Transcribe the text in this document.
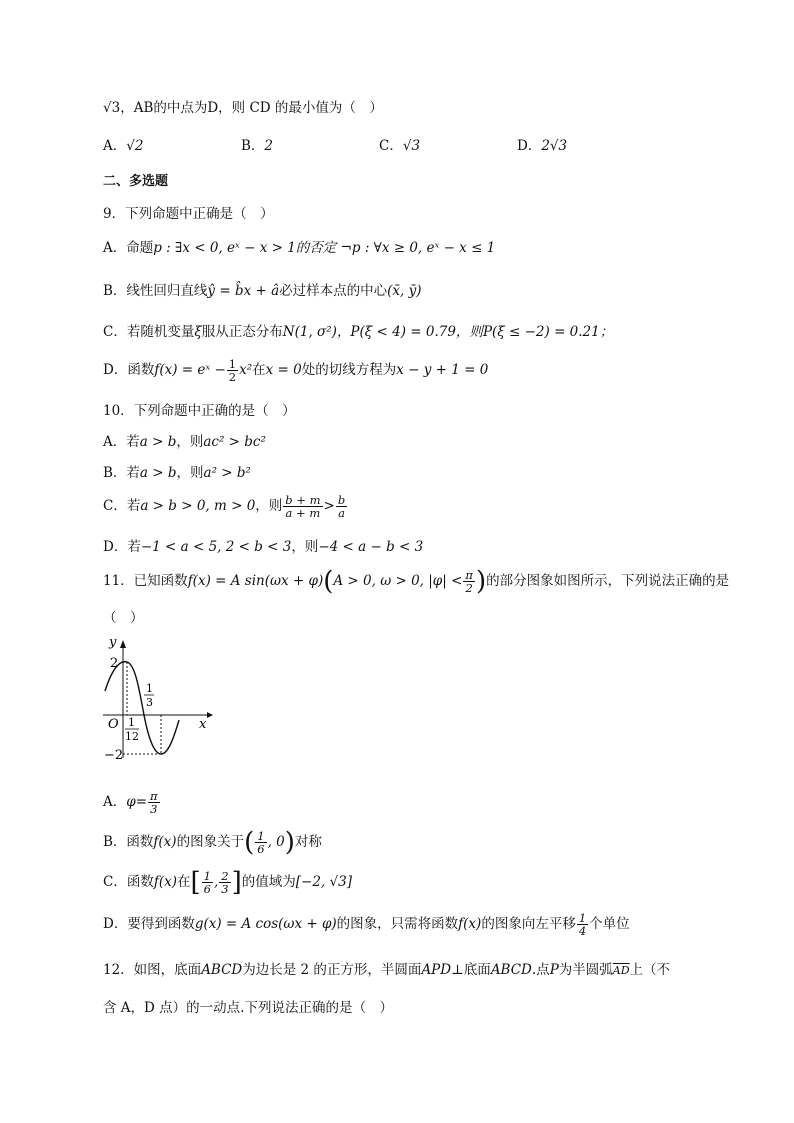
√3，AB的中点为D，则 CD 的最小值为（　）
A．√2	B．2	C．√3	D．2√3
二、多选题
9．下列命题中正确是（　）
A．命题p : ∃x < 0, eˣ − x > 1的否定 ¬p : ∀x ≥ 0, eˣ − x ≤ 1
B．线性回归直线ŷ = b̂x + â必过样本点的中心(x̄, ȳ)
C．若随机变量ξ服从正态分布N(1, σ²)，P(ξ < 4) = 0.79，则P(ξ ≤ −2) = 0.21；
D．函数f(x) = eˣ − $\frac{1}{2} x^2$在x = 0处的切线方程为x − y + 1 = 0
10．下列命题中正确的是（　）
A．若a > b，则ac² > bc²
B．若a > b，则a² > b²
C．若a > b > 0, m > 0，则 $\frac{b + m}{a + m} > \frac{b}{a}$
D．若−1 < a < 5, 2 < b < 3，则−4 < a − b < 3
11．已知函数f(x) = A sin(ωx + φ)(A > 0, ω > 0, $|\varphi| < \frac{\pi}{2}$ )的部分图象如图所示，下列说法正确的是
（　）
y
x
O
2
−2
1
12
1
3
A．$\varphi= \frac{\pi}{3}$
B．函数f(x)的图象关于( $\frac{1}{6}$ , 0)对称
C．函数f(x)在[ $\frac{1}{6}$ , $\frac{2}{3}$ ]的值域为[−2, √3]
D．要得到函数g(x) = A cos(ωx + φ)的图象，只需将函数f(x)的图象向左平移 $\frac{1}{4}$ 个单位
12．如图，底面ABCD为边长是 2 的正方形，半圆面APD⊥底面ABCD.点P为半圆弧$\overline{AD}$上（不
含 A，D 点）的一动点.下列说法正确的是（　）
